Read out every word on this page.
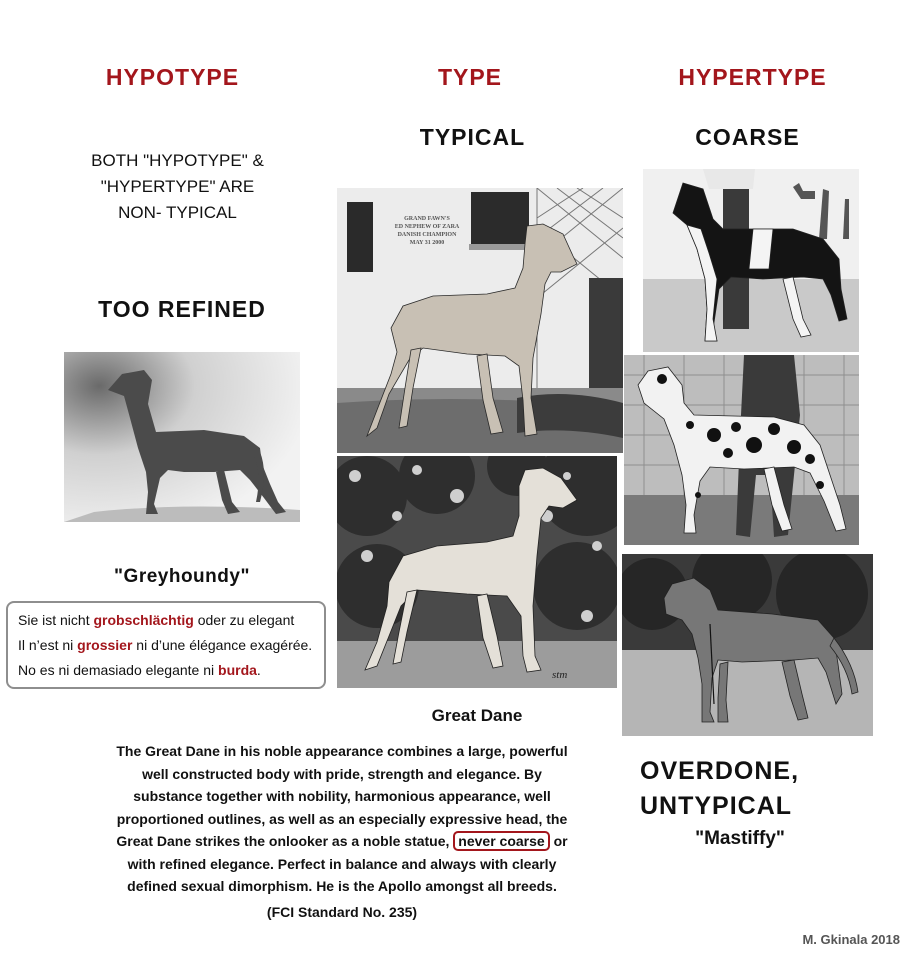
HYPOTYPE	TYPE	HYPERTYPE
TYPICAL	COARSE
BOTH "HYPOTYPE" &
"HYPERTYPE" ARE
NON- TYPICAL
TOO REFINED
"Greyhoundy"
Sie ist nicht grobschlächtig oder zu elegant
Il n’est ni grossier ni d’une élégance exagérée.
No es ni demasiado elegante ni burda.
GRAND FAWN'S
ED NEPHEW OF ZARA
DANISH CHAMPION
MAY 31 2000
stm
Great Dane
The Great Dane in his noble appearance combines a large, powerful
well constructed body with pride, strength and elegance. By
substance together with nobility, harmonious appearance, well
proportioned outlines, as well as an especially expressive head, the
Great Dane strikes the onlooker as a noble statue, never coarse or
with refined elegance. Perfect in balance and always with clearly
defined sexual dimorphism. He is the Apollo amongst all breeds.
(FCI Standard No. 235)
OVERDONE,
UNTYPICAL
"Mastiffy"
M. Gkinala 2018
